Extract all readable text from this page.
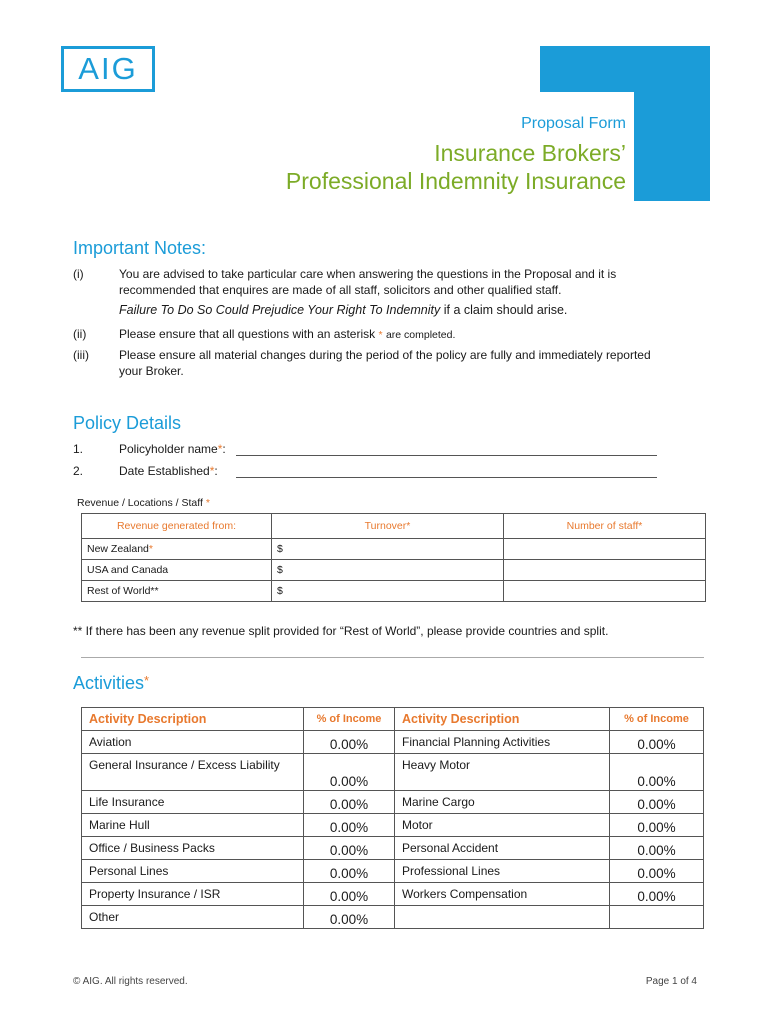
AIG
Proposal Form
Insurance Brokers’
Professional Indemnity Insurance
Important Notes:
(i)	You are advised to take particular care when answering the questions in the Proposal and it is recommended that enquires are made of all staff, solicitors and other qualified staff.
Failure To Do So Could Prejudice Your Right To Indemnity if a claim should arise.
(ii)	Please ensure that all questions with an asterisk * are completed.
(iii)	Please ensure all material changes during the period of the policy are fully and immediately reported your Broker.
Policy Details
1.	Policyholder name*:
2.	Date Established*:
Revenue / Locations / Staff *
Revenue generated from:	Turnover*	Number of staff*
New Zealand*	$	
USA and Canada	$	
Rest of World**	$	
** If there has been any revenue split provided for “Rest of World”, please provide countries and split.
Activities*
Activity Description	% of Income	Activity Description	% of Income
Aviation	0.00%	Financial Planning Activities	0.00%
General Insurance / Excess Liability	0.00%	Heavy Motor	0.00%
Life Insurance	0.00%	Marine Cargo	0.00%
Marine Hull	0.00%	Motor	0.00%
Office / Business Packs	0.00%	Personal Accident	0.00%
Personal Lines	0.00%	Professional Lines	0.00%
Property Insurance / ISR	0.00%	Workers Compensation	0.00%
Other	0.00%		
© AIG. All rights reserved.	Page 1 of 4
